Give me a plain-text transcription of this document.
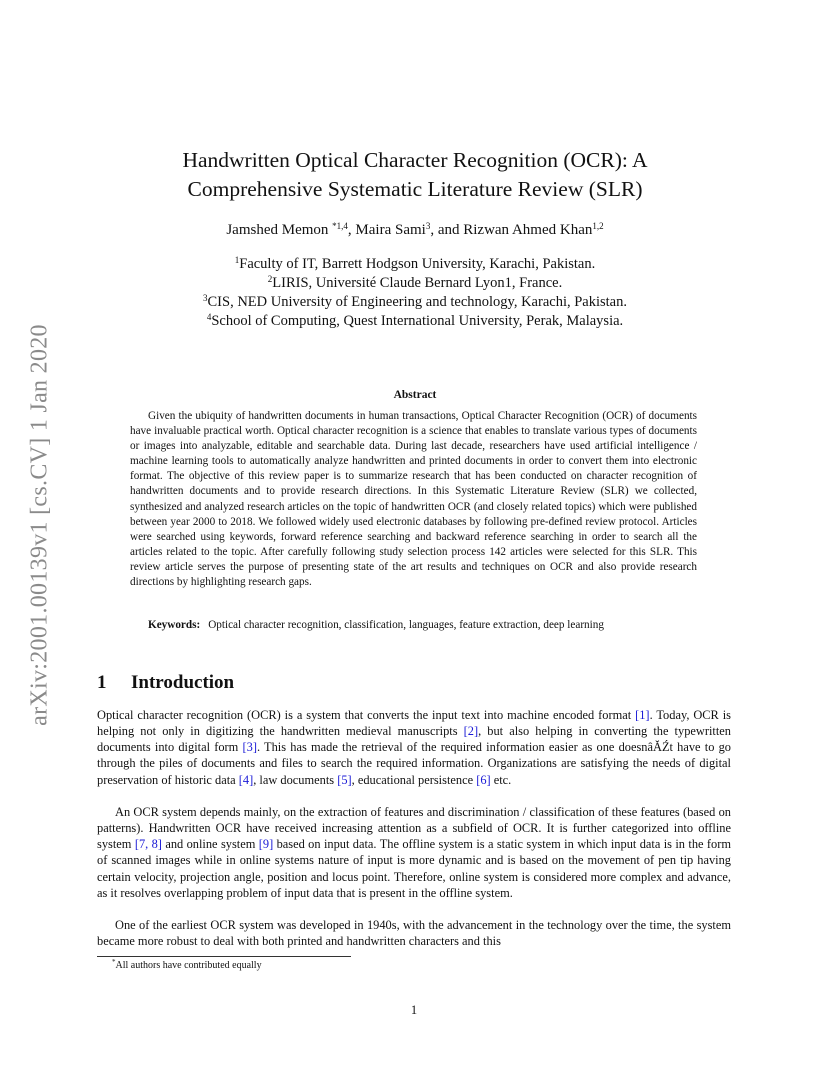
arXiv:2001.00139v1 [cs.CV] 1 Jan 2020
Handwritten Optical Character Recognition (OCR): A
Comprehensive Systematic Literature Review (SLR)
Jamshed Memon $^{*1,4}$, Maira Sami$^3$, and Rizwan Ahmed Khan$^{1,2}$
$^1$Faculty of IT, Barrett Hodgson University, Karachi, Pakistan.
$^2$LIRIS, Université Claude Bernard Lyon1, France.
$^3$CIS, NED University of Engineering and technology, Karachi, Pakistan.
$^4$School of Computing, Quest International University, Perak, Malaysia.
Abstract
Given the ubiquity of handwritten documents in human transactions, Optical Character Recognition (OCR) of documents have invaluable practical worth. Optical character recognition is a science that enables to translate various types of documents or images into analyzable, editable and searchable data. During last decade, researchers have used artificial intelligence / machine learning tools to automatically analyze handwritten and printed documents in order to convert them into electronic format. The objective of this review paper is to summarize research that has been conducted on character recognition of handwritten documents and to provide research directions. In this Systematic Literature Review (SLR) we collected, synthesized and analyzed research articles on the topic of handwritten OCR (and closely related topics) which were published between year 2000 to 2018. We followed widely used electronic databases by following pre-defined review protocol. Articles were searched using keywords, forward reference searching and backward reference searching in order to search all the articles related to the topic. After carefully following study selection process 142 articles were selected for this SLR. This review article serves the purpose of presenting state of the art results and techniques on OCR and also provide research directions by highlighting research gaps.
Keywords: Optical character recognition, classification, languages, feature extraction, deep learning
1 Introduction
Optical character recognition (OCR) is a system that converts the input text into machine encoded format [1]. Today, OCR is helping not only in digitizing the handwritten medieval manuscripts [2], but also helping in converting the typewritten documents into digital form [3]. This has made the retrieval of the required information easier as one doesnâĂŹt have to go through the piles of documents and files to search the required information. Organizations are satisfying the needs of digital preservation of historic data [4], law documents [5], educational persistence [6] etc.
An OCR system depends mainly, on the extraction of features and discrimination / classification of these features (based on patterns). Handwritten OCR have received increasing attention as a subfield of OCR. It is further categorized into offline system [7, 8] and online system [9] based on input data. The offline system is a static system in which input data is in the form of scanned images while in online systems nature of input is more dynamic and is based on the movement of pen tip having certain velocity, projection angle, position and locus point. Therefore, online system is considered more complex and advance, as it resolves overlapping problem of input data that is present in the offline system.
One of the earliest OCR system was developed in 1940s, with the advancement in the technology over the time, the system became more robust to deal with both printed and handwritten characters and this
*All authors have contributed equally
1
